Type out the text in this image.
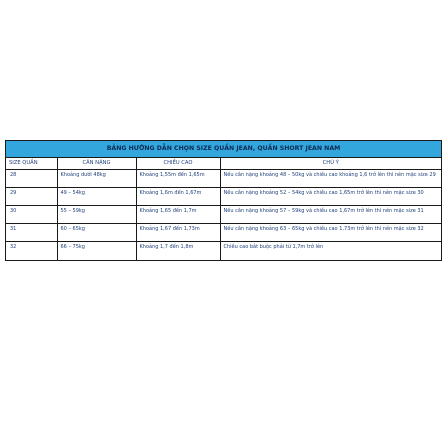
BẢNG HƯỚNG DẪN CHỌN SIZE QUẦN JEAN, QUẦN SHORT JEAN NAM
SIZE QUẦN	CÂN NẶNG	CHIỀU CAO	CHÚ Ý
28	Khoảng dưới 48kg	Khoảng 1,55m đến 1,65m	Nếu cân nặng khoảng 48 – 50kg và chiều cao khoảng 1,6 trở lên thì nên mặc size 29
29	49 – 54kg	Khoảng 1,6m đến 1,67m	Nếu cân nặng khoảng 52 – 54kg và chiều cao 1,65m trở lên thì nên mặc size 30
30	55 – 59kg	Khoảng 1,65 đến 1,7m	Nếu cân nặng khoảng 57 – 59kg và chiều cao 1,67m trở lên thì nên mặc size 31
31	60 – 65kg	Khoảng 1,67 đến 1,73m	Nếu cân nặng khoảng 63 – 65kg và chiều cao 1,73m trở lên thì nên mặc size 32
32	66 – 75kg	Khoảng 1,7 đến 1,8m	Chiều cao bắt buộc phải từ 1,7m trở lên
